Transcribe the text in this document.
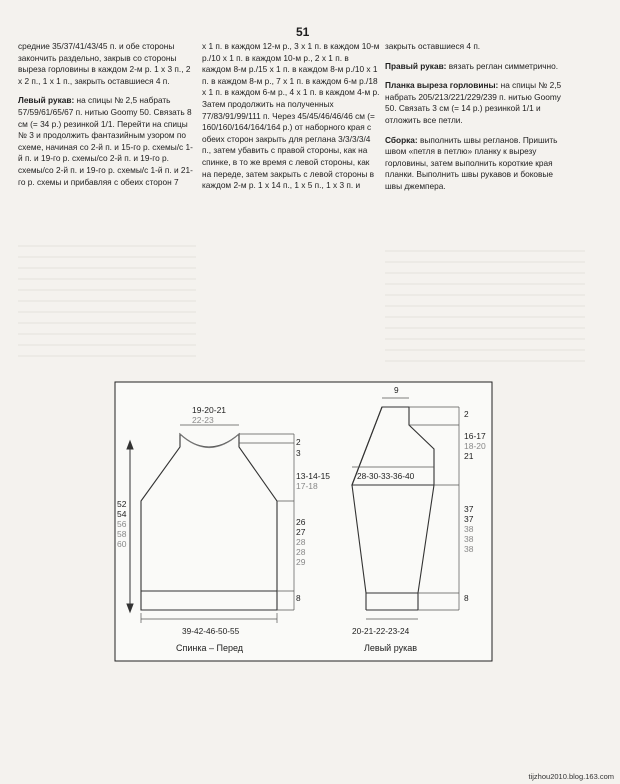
51

средние 35/37/41/43/45 п. и обе стороны закончить раздельно, закрыв со стороны выреза горловины в каждом 2-м р. 1 х 3 п., 2 х 2 п., 1 х 1 п., закрыть оставшиеся 4 п.

Левый рукав: на спицы № 2,5 набрать 57/59/61/65/67 п. нитью Goomy 50. Связать 8 см (= 34 р.) резинкой 1/1. Перейти на спицы № 3 и продолжить фантазийным узором по схеме, начиная со 2-й п. и 15-го р. схемы/с 1-й п. и 19-го р. схемы/со 2-й п. и 19-го р. схемы/со 2-й п. и 19-го р. схемы/с 1-й п. и 21-го р. схемы и прибавляя с обеих сторон 7

х 1 п. в каждом 12-м р., 3 х 1 п. в каждом 10-м р./10 х 1 п. в каждом 10-м р., 2 х 1 п. в каждом 8-м р./15 х 1 п. в каждом 8-м р./10 х 1 п. в каждом 8-м р., 7 х 1 п. в каждом 6-м р./18 х 1 п. в каждом 6-м р., 4 х 1 п. в каждом 4-м р. Затем продолжить на полученных 77/83/91/99/111 п. Через 45/45/46/46/46 см (= 160/160/164/164/164 р.) от наборного края с обеих сторон закрыть для реглана 3/3/3/3/4 п., затем убавить с правой стороны, как на спинке, в то же время с левой стороны, как на переде, затем закрыть с левой стороны в каждом 2-м р. 1 х 14 п., 1 х 5 п., 1 х 3 п. и

закрыть оставшиеся 4 п.

Правый рукав: вязать реглан симметрично.

Планка выреза горловины: на спицы № 2,5 набрать 205/213/221/229/239 п. нитью Goomy 50. Связать 3 см (= 14 р.) резинкой 1/1 и отложить все петли.

Сборка: выполнить швы регланов. Пришить швом «петля в петлю» планку к вырезу горловины, затем выполнить короткие края планки. Выполнить швы рукавов и боковые швы джемпера.

19-20-21
22-23
2
3
13-14-15
17-18
26
27
28
28
29
8
52
54
56
58
60
39-42-46-50-55
Спинка – Перед
9
2
16-17
18-20
21
28-30-33-36-40
37
37
38
38
38
8
20-21-22-23-24
Левый рукав
tijzhou2010.blog.163.com
